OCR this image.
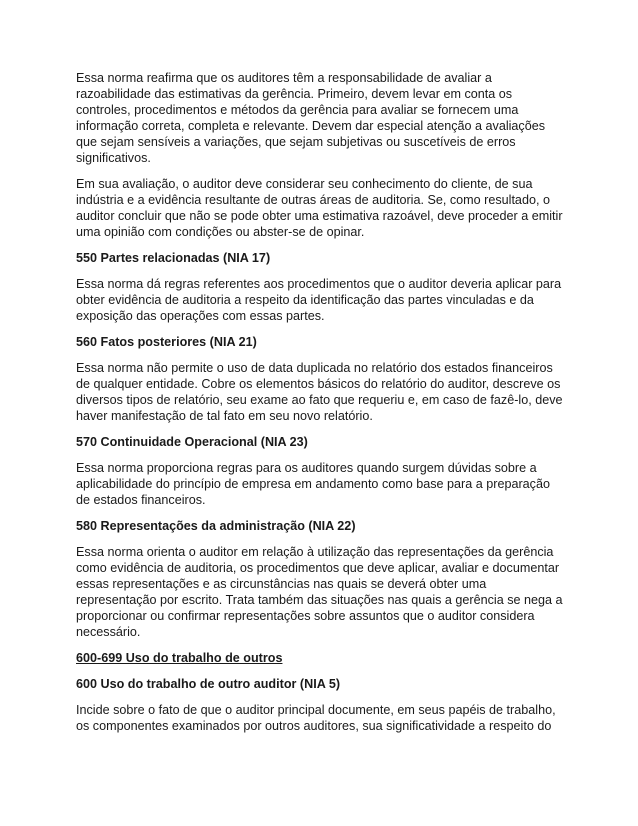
Essa norma reafirma que os auditores têm a responsabilidade de avaliar a razoabilidade das estimativas da gerência. Primeiro, devem levar em conta os controles, procedimentos e métodos da gerência para avaliar se fornecem uma informação correta, completa e relevante. Devem dar especial atenção a avaliações que sejam sensíveis a variações, que sejam subjetivas ou suscetíveis de erros significativos.

Em sua avaliação, o auditor deve considerar seu conhecimento do cliente, de sua indústria e a evidência resultante de outras áreas de auditoria. Se, como resultado, o auditor concluir que não se pode obter uma estimativa razoável, deve proceder a emitir uma opinião com condições ou abster-se de opinar.

550 Partes relacionadas (NIA 17)

Essa norma dá regras referentes aos procedimentos que o auditor deveria aplicar para obter evidência de auditoria a respeito da identificação das partes vinculadas e da exposição das operações com essas partes.

560 Fatos posteriores (NIA 21)

Essa norma não permite o uso de data duplicada no relatório dos estados financeiros de qualquer entidade. Cobre os elementos básicos do relatório do auditor, descreve os diversos tipos de relatório, seu exame ao fato que requeriu e, em caso de fazê-lo, deve haver manifestação de tal fato em seu novo relatório.

570 Continuidade Operacional (NIA 23)

Essa norma proporciona regras para os auditores quando surgem dúvidas sobre a aplicabilidade do princípio de empresa em andamento como base para a preparação de estados financeiros.

580 Representações da administração (NIA 22)

Essa norma orienta o auditor em relação à utilização das representações da gerência como evidência de auditoria, os procedimentos que deve aplicar, avaliar e documentar essas representações e as circunstâncias nas quais se deverá obter uma representação por escrito. Trata também das situações nas quais a gerência se nega a proporcionar ou confirmar representações sobre assuntos que o auditor considera necessário.

600-699 Uso do trabalho de outros

600 Uso do trabalho de outro auditor (NIA 5)

Incide sobre o fato de que o auditor principal documente, em seus papéis de trabalho, os componentes examinados por outros auditores, sua significatividade a respeito do
